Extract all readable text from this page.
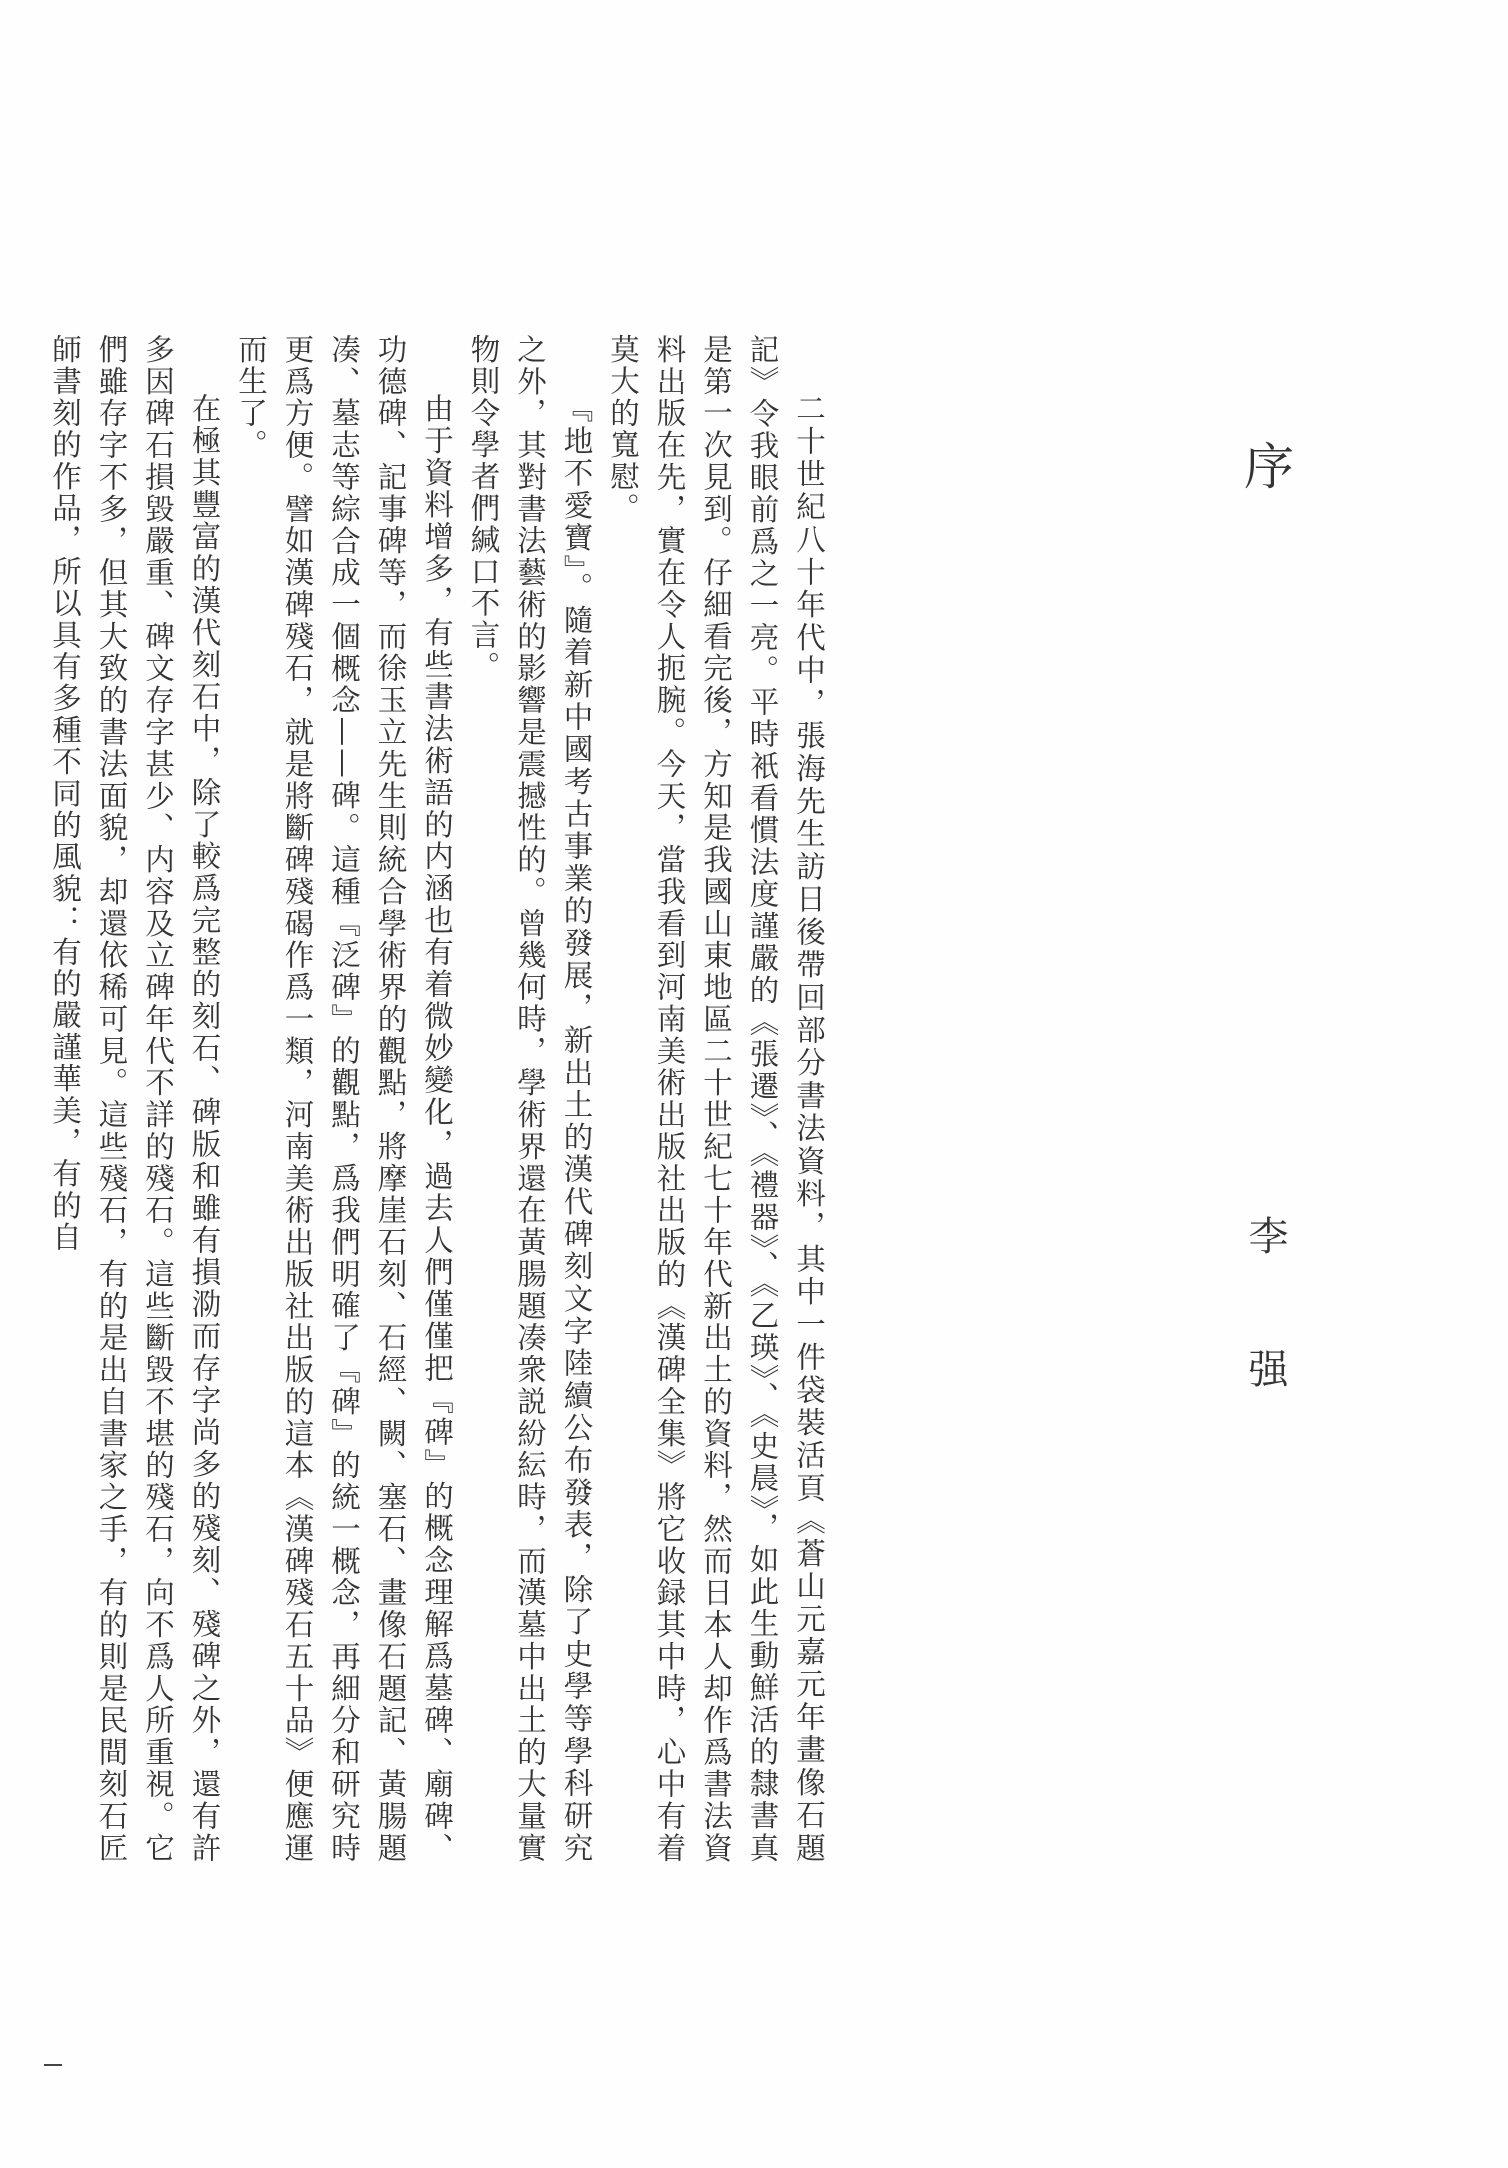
序
李 强

二十世紀八十年代中，張海先生訪日後帶回部分書法資料，其中一件袋裝活頁《蒼山元嘉元年畫像石題記》令我眼前爲之一亮。平時衹看慣法度謹嚴的《張遷》、《禮器》、《乙瑛》、《史晨》，如此生動鮮活的隸書真是第一次見到。仔細看完後，方知是我國山東地區二十世紀七十年代新出土的資料，然而日本人却作爲書法資料出版在先，實在令人扼腕。今天，當我看到河南美術出版社出版的《漢碑全集》將它收録其中時，心中有着莫大的寬慰。

『地不愛寶』。隨着新中國考古事業的發展，新出土的漢代碑刻文字陸續公布發表，除了史學等學科研究之外，其對書法藝術的影響是震撼性的。曾幾何時，學術界還在黃腸題凑衆説紛紜時，而漢墓中出土的大量實物則令學者們緘口不言。

由于資料增多，有些書法術語的内涵也有着微妙變化，過去人們僅僅把『碑』的概念理解爲墓碑、廟碑、功德碑、記事碑等，而徐玉立先生則統合學術界的觀點，將摩崖石刻、石經、闕、塞石、畫像石題記、黃腸題凑、墓志等綜合成一個概念——碑。這種『泛碑』的觀點，爲我們明確了『碑』的統一概念，再細分和研究時更爲方便。譬如漢碑殘石，就是將斷碑殘碣作爲一類，河南美術出版社出版的這本《漢碑殘石五十品》便應運而生了。

在極其豐富的漢代刻石中，除了較爲完整的刻石、碑版和雖有損泐而存字尚多的殘刻、殘碑之外，還有許多因碑石損毀嚴重、碑文存字甚少、内容及立碑年代不詳的殘石。這些斷毀不堪的殘石，向不爲人所重視。它們雖存字不多，但其大致的書法面貌，却還依稀可見。這些殘石，有的是出自書家之手，有的則是民間刻石匠師書刻的作品，所以具有多種不同的風貌：有的嚴謹華美，有的自
